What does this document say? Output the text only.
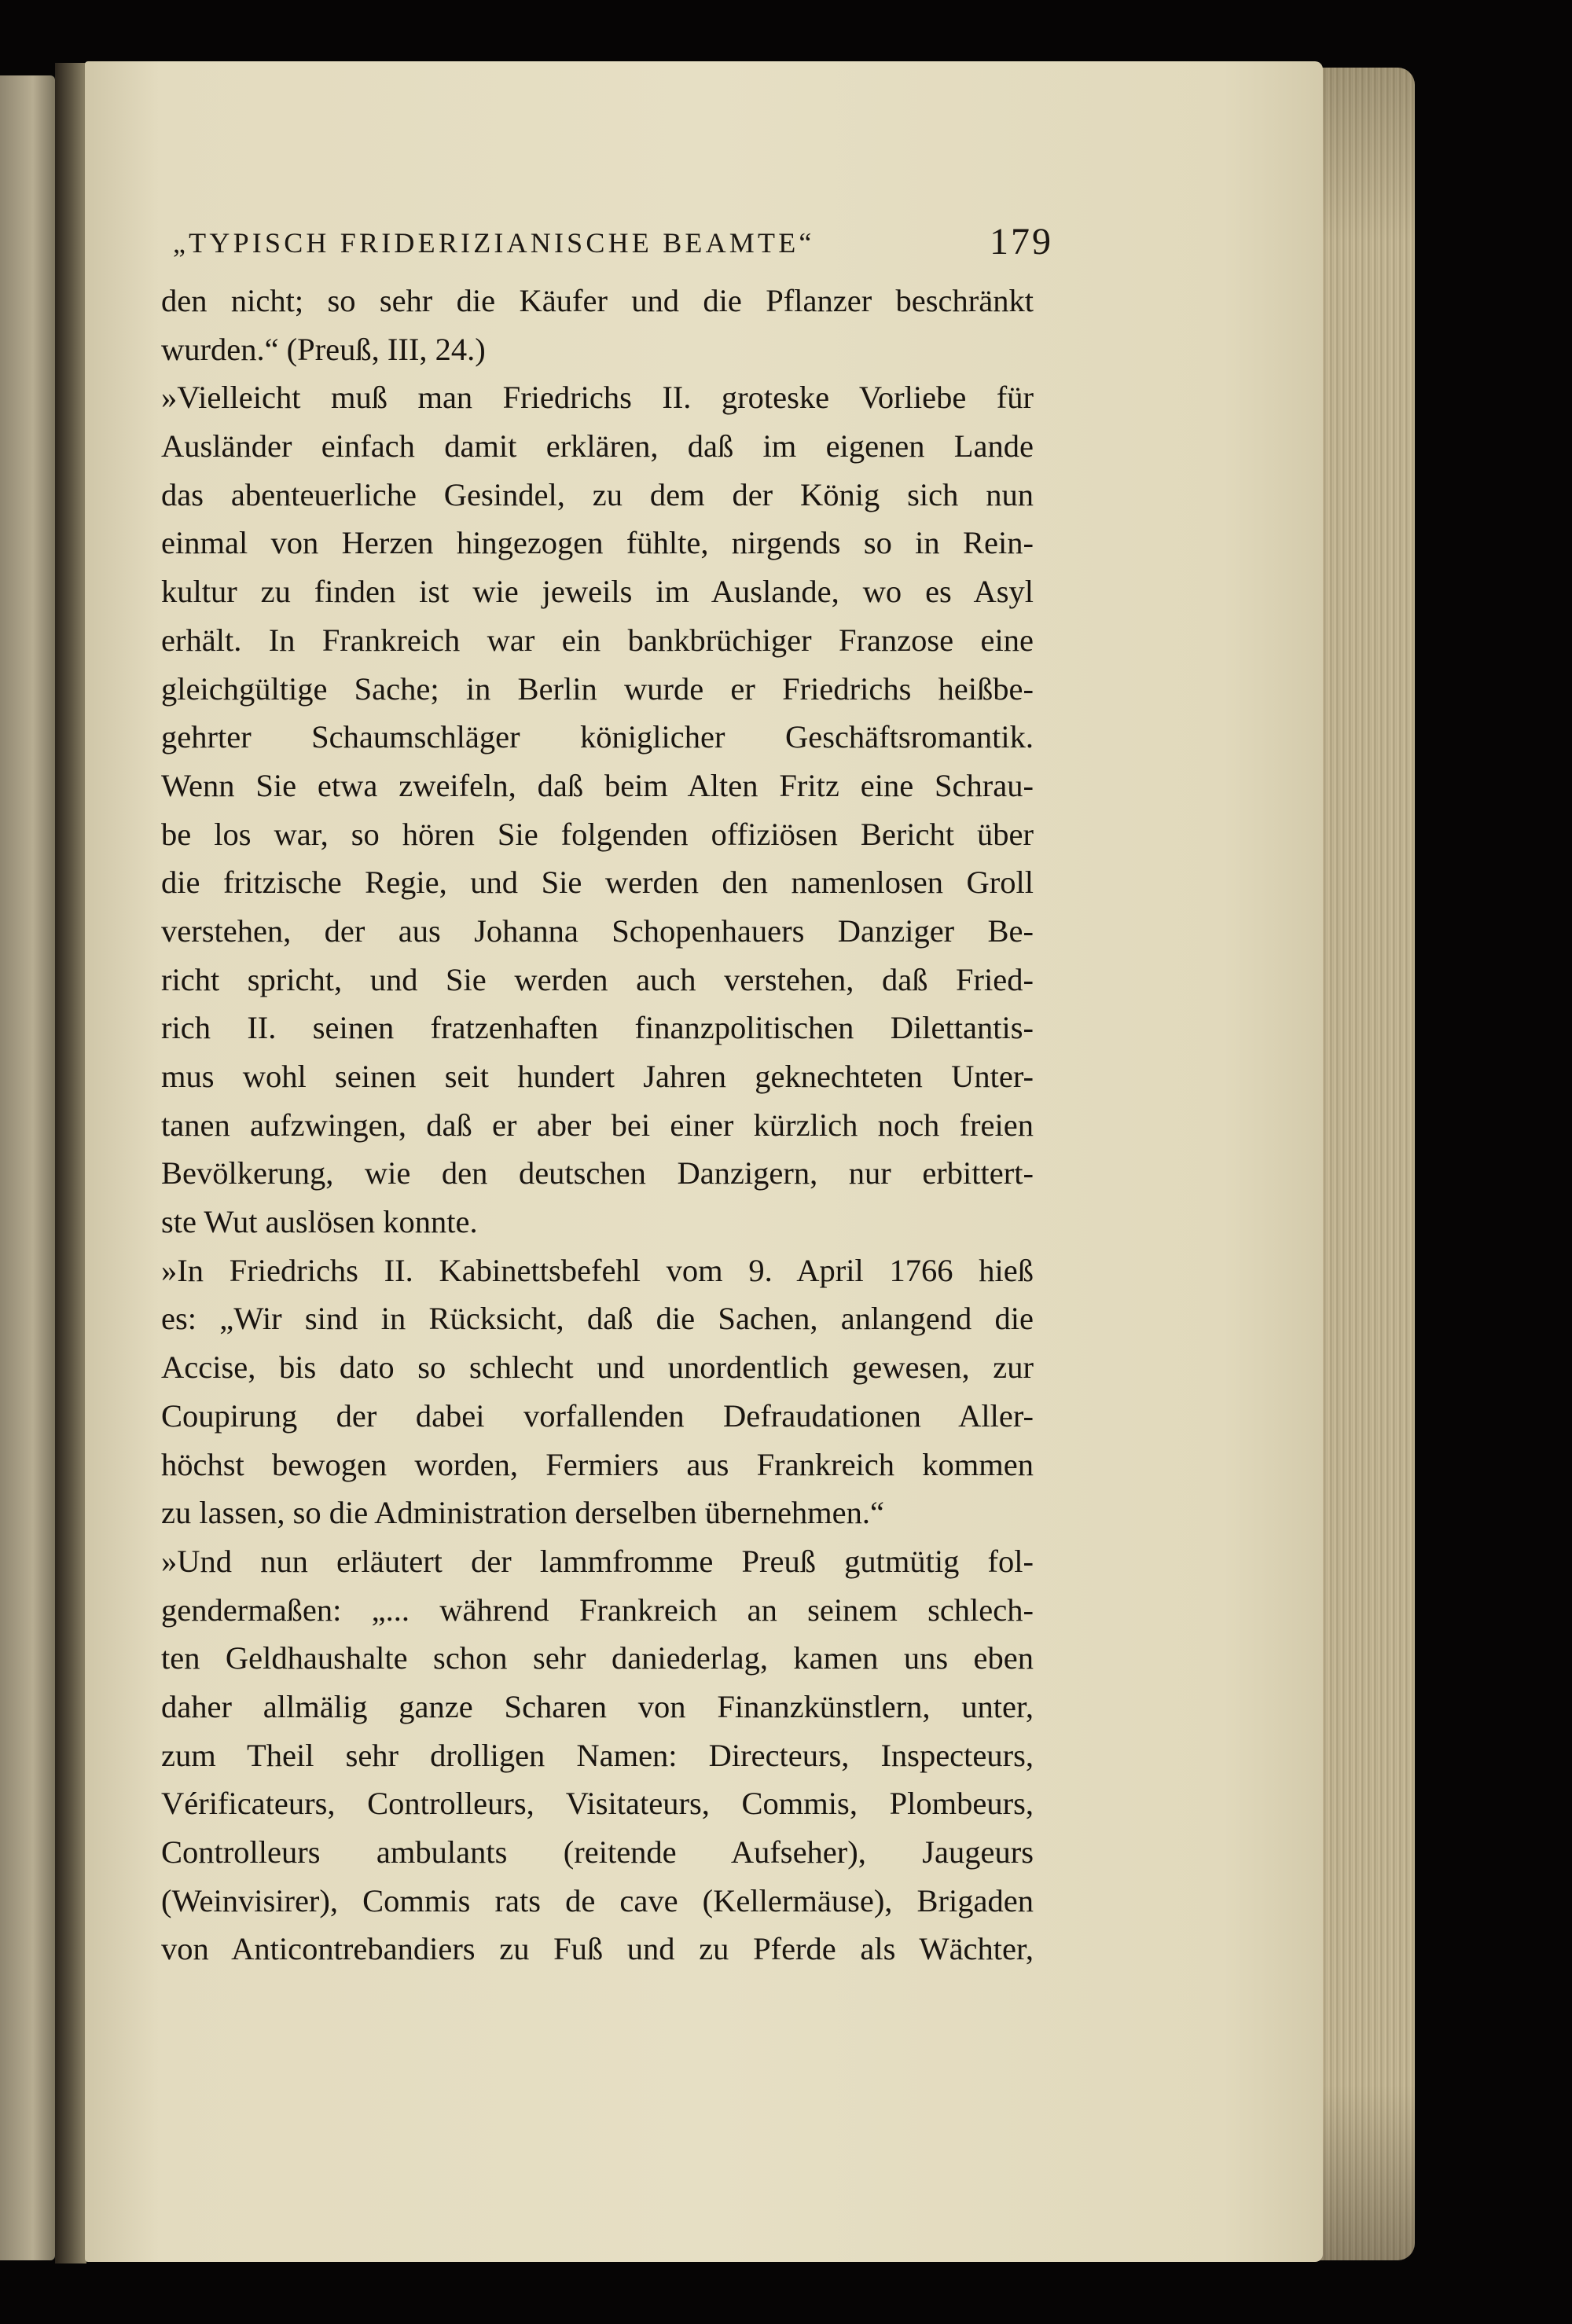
„TYPISCH FRIDERIZIANISCHE BEAMTE“	179
den nicht; so sehr die Käufer und die Pflanzer beschränkt
wurden.“ (Preuß, III, 24.)
»Vielleicht muß man Friedrichs II. groteske Vorliebe für
Ausländer einfach damit erklären, daß im eigenen Lande
das abenteuerliche Gesindel, zu dem der König sich nun
einmal von Herzen hingezogen fühlte, nirgends so in Rein-
kultur zu finden ist wie jeweils im Auslande, wo es Asyl
erhält. In Frankreich war ein bankbrüchiger Franzose eine
gleichgültige Sache; in Berlin wurde er Friedrichs heißbe-
gehrter Schaumschläger königlicher Geschäftsromantik.
Wenn Sie etwa zweifeln, daß beim Alten Fritz eine Schrau-
be los war, so hören Sie folgenden offiziösen Bericht über
die fritzische Regie, und Sie werden den namenlosen Groll
verstehen, der aus Johanna Schopenhauers Danziger Be-
richt spricht, und Sie werden auch verstehen, daß Fried-
rich II. seinen fratzenhaften finanzpolitischen Dilettantis-
mus wohl seinen seit hundert Jahren geknechteten Unter-
tanen aufzwingen, daß er aber bei einer kürzlich noch freien
Bevölkerung, wie den deutschen Danzigern, nur erbittert-
ste Wut auslösen konnte.
»In Friedrichs II. Kabinettsbefehl vom 9. April 1766 hieß
es: „Wir sind in Rücksicht, daß die Sachen, anlangend die
Accise, bis dato so schlecht und unordentlich gewesen, zur
Coupirung der dabei vorfallenden Defraudationen Aller-
höchst bewogen worden, Fermiers aus Frankreich kommen
zu lassen, so die Administration derselben übernehmen.“
»Und nun erläutert der lammfromme Preuß gutmütig fol-
gendermaßen: „... während Frankreich an seinem schlech-
ten Geldhaushalte schon sehr daniederlag, kamen uns eben
daher allmälig ganze Scharen von Finanzkünstlern, unter,
zum Theil sehr drolligen Namen: Directeurs, Inspecteurs,
Vérificateurs, Controlleurs, Visitateurs, Commis, Plombeurs,
Controlleurs ambulants (reitende Aufseher), Jaugeurs
(Weinvisirer), Commis rats de cave (Kellermäuse), Brigaden
von Anticontrebandiers zu Fuß und zu Pferde als Wächter,
